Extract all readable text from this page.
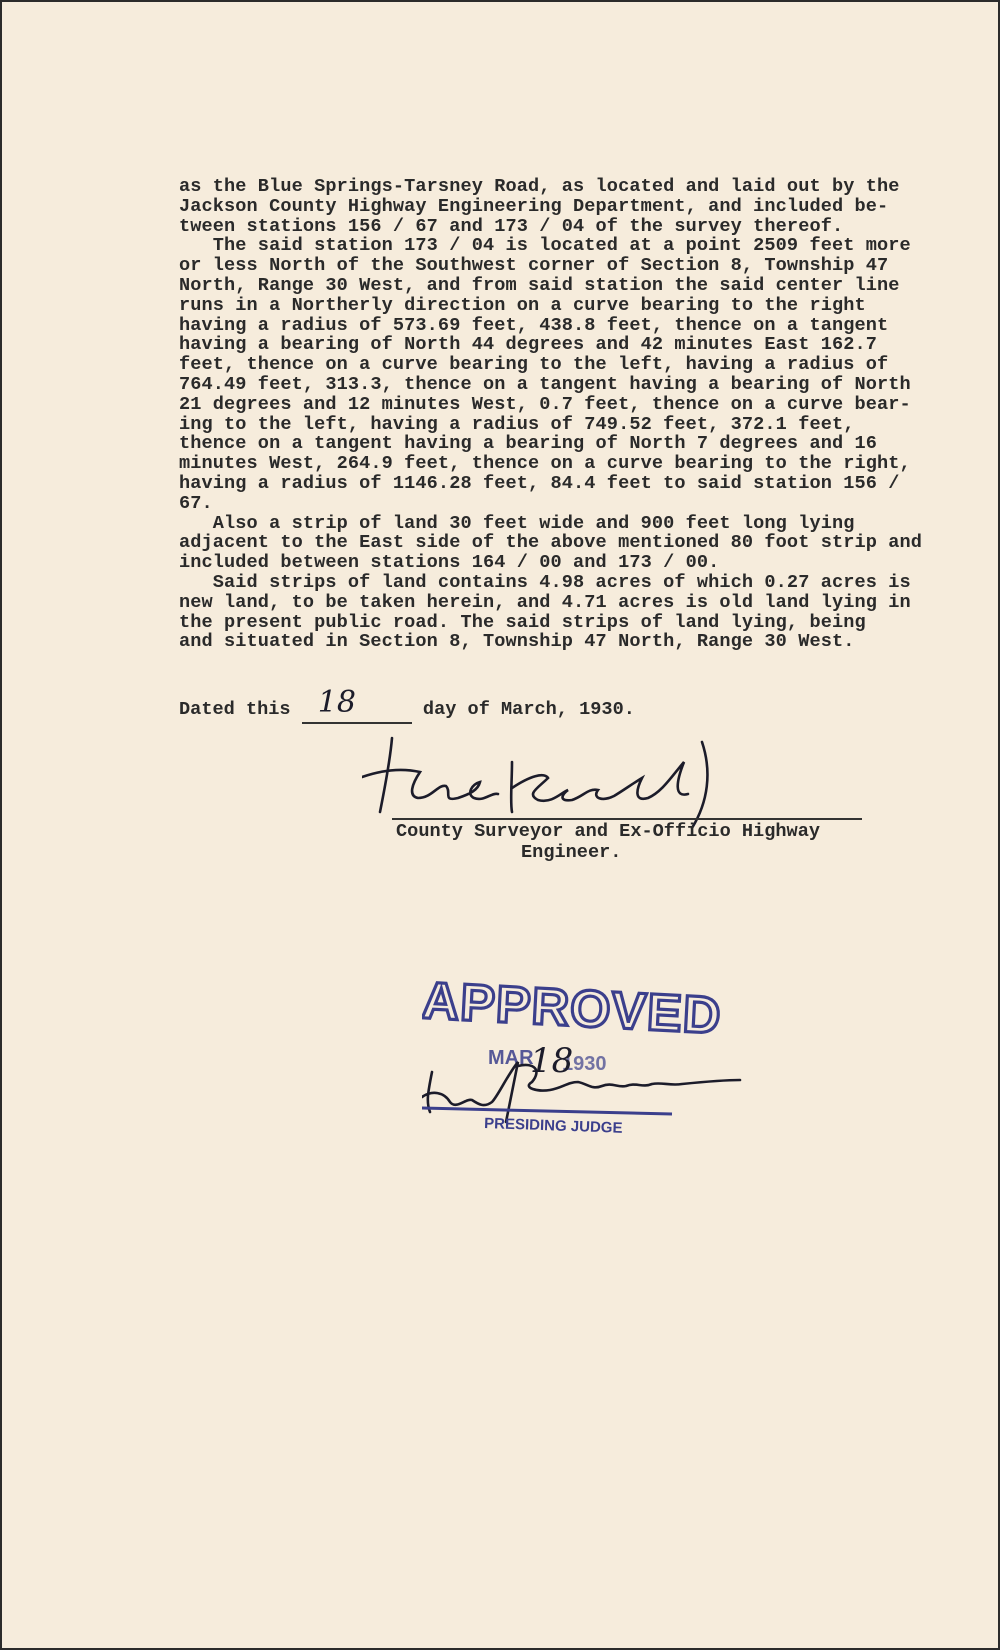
as the Blue Springs-Tarsney Road, as located and laid out by the
Jackson County Highway Engineering Department, and included be-
tween stations 156 / 67 and 173 / 04 of the survey thereof.
The said station 173 / 04 is located at a point 2509 feet more
or less North of the Southwest corner of Section 8, Township 47
North, Range 30 West, and from said station the said center line
runs in a Northerly direction on a curve bearing to the right
having a radius of 573.69 feet, 438.8 feet, thence on a tangent
having a bearing of North 44 degrees and 42 minutes East 162.7
feet, thence on a curve bearing to the left, having a radius of
764.49 feet, 313.3, thence on a tangent having a bearing of North
21 degrees and 12 minutes West, 0.7 feet, thence on a curve bear-
ing to the left, having a radius of 749.52 feet, 372.1 feet,
thence on a tangent having a bearing of North 7 degrees and 16
minutes West, 264.9 feet, thence on a curve bearing to the right,
having a radius of 1146.28 feet, 84.4 feet to said station 156 /
67.
Also a strip of land 30 feet wide and 900 feet long lying
adjacent to the East side of the above mentioned 80 foot strip and
included between stations 164 / 00 and 173 / 00.
Said strips of land contains 4.98 acres of which 0.27 acres is
new land, to be taken herein, and 4.71 acres is old land lying in
the present public road. The said strips of land lying, being
and situated in Section 8, Township 47 North, Range 30 West.
Dated this 18	day of March, 1930.
County Surveyor and Ex-Officio Highway
Engineer.
APPROVED
MAR 1930
18
PRESIDING JUDGE
